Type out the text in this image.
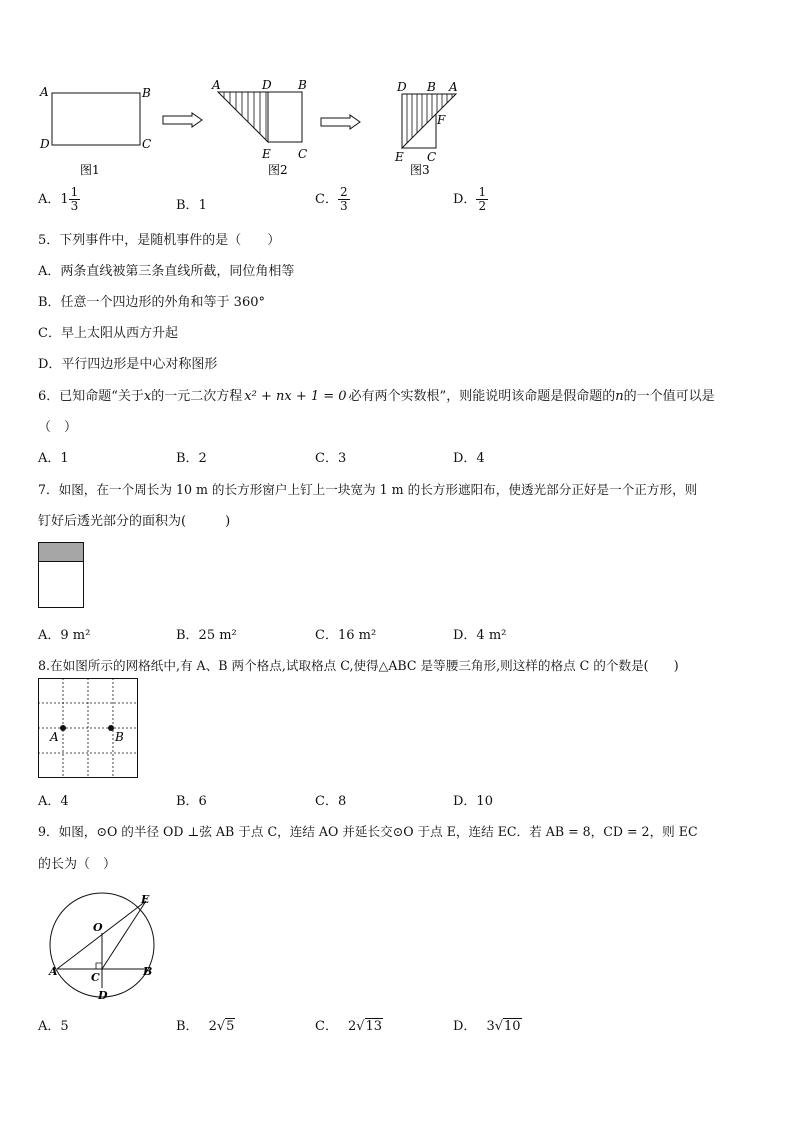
A	B
D	C
图1
A	D B
E C
图2
D B A
F
E C
图3
A．$1 \frac{1}{3}$	B．1	C． $\frac{2}{3}$	D． $\frac{1}{2}$
5．下列事件中，是随机事件的是（　　）
A．两条直线被第三条直线所截，同位角相等
B．任意一个四边形的外角和等于 360°
C．早上太阳从西方升起
D．平行四边形是中心对称图形
6．已知命题“关于x的一元二次方程 x² + nx + 1 = 0 必有两个实数根”，则能说明该命题是假命题的n的一个值可以是
（　）
A．1	B．2	C．3	D．4
7．如图，在一个周长为 10 m 的长方形窗户上钉上一块宽为 1 m 的长方形遮阳布，使透光部分正好是一个正方形，则
钉好后透光部分的面积为(　　　)
A．9 m²	B．25 m²	C．16 m²	D．4 m²
8.在如图所示的网格纸中,有 A、B 两个格点,试取格点 C,使得△ABC 是等腰三角形,则这样的格点 C 的个数是(　　)
A	B
A．4	B．6	C．8	D．10
9．如图，⊙O 的半径 OD ⊥弦 AB 于点 C，连结 AO 并延长交⊙O 于点 E，连结 EC．若 AB = 8，CD = 2，则 EC
的长为（　）
O
E
A	C	B
D
A．5	B． 2√5	C． 2√13	D． 3√10
